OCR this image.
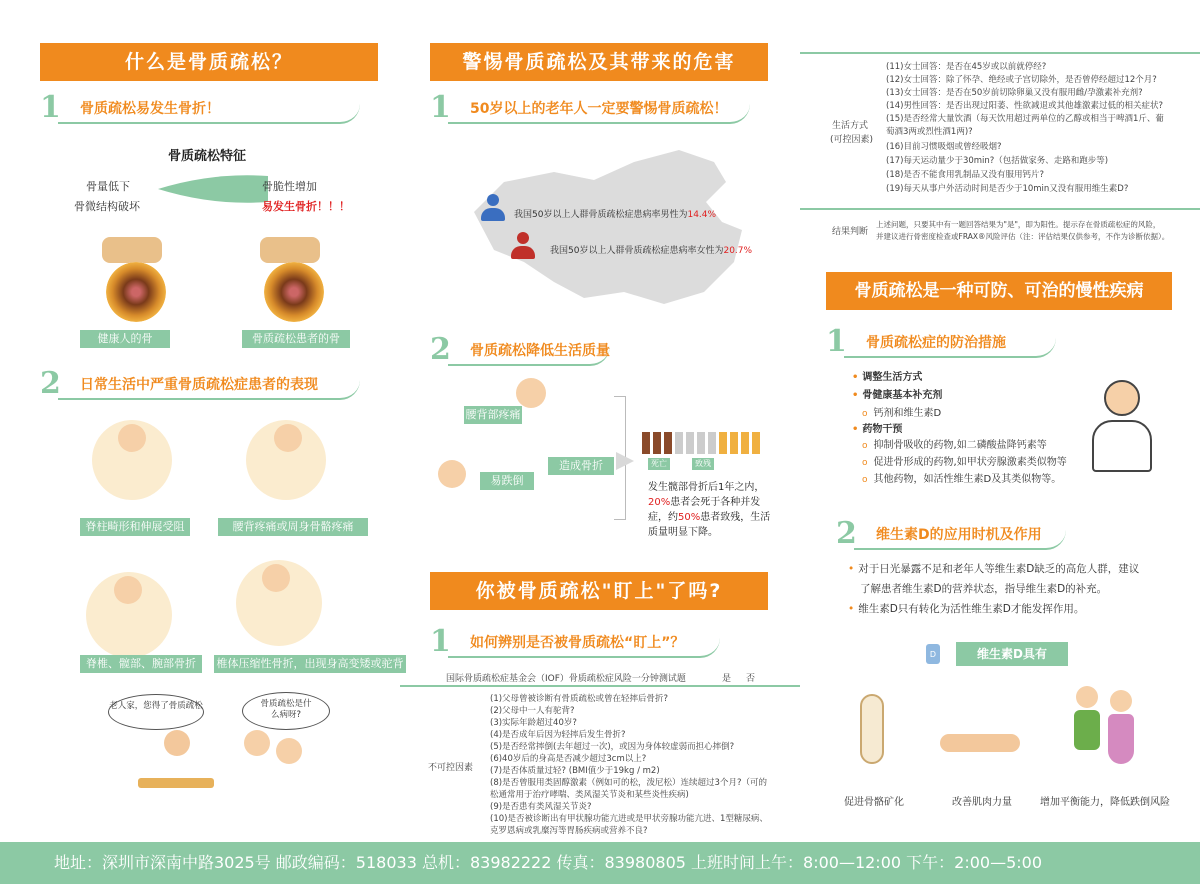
什么是骨质疏松？
1	骨质疏松易发生骨折！
骨质疏松特征
骨量低下
骨微结构破坏
骨脆性增加
易发生骨折！！！
健康人的骨	骨质疏松患者的骨
2	日常生活中严重骨质疏松症患者的表现
脊柱畸形和伸展受阻	腰背疼痛或周身骨骼疼痛
脊椎、髋部、腕部骨折	椎体压缩性骨折，出现身高变矮或驼背
老人家，您得了骨质疏松	骨质疏松是什么病呀?
警惕骨质疏松及其带来的危害
1	50岁以上的老年人一定要警惕骨质疏松！
我国50岁以上人群骨质疏松症患病率男性为14.4%
我国50岁以上人群骨质疏松症患病率女性为20.7%
2	骨质疏松降低生活质量
腰背部疼痛
易跌倒
造成骨折	死亡	致残
发生髋部骨折后1年之内，20%患者会死于各种并发症，约50%患者致残，生活质量明显下降。
你被骨质疏松"盯上"了吗?
1	如何辨别是否被骨质疏松“盯上”？
国际骨质疏松症基金会（IOF）骨质疏松症风险一分钟测试题	是 否
不可控因素
(1)父母曾被诊断有骨质疏松或曾在轻摔后骨折?
(2)父母中一人有驼背?
(3)实际年龄超过40岁?
(4)是否成年后因为轻摔后发生骨折?
(5)是否经常摔倒(去年超过一次)，或因为身体较虚弱而担心摔倒?
(6)40岁后的身高是否减少超过3cm以上?
(7)是否体质量过轻? (BMI值少于19kg / m2)
(8)是否曾服用类固醇激素（例如可的松，泼尼松）连续超过3个月?（可的
松通常用于治疗哮喘、类风湿关节炎和某些炎性疾病)
(9)是否患有类风湿关节炎?
(10)是否被诊断出有甲状腺功能亢进或是甲状旁腺功能亢进、1型糖尿病、
克罗恩病或乳糜泻等胃肠疾病或营养不良?
生活方式
(可控因素)
(11)女士回答：是否在45岁或以前就停经?
(12)女士回答：除了怀孕、绝经或子宫切除外，是否曾停经超过12个月?
(13)女士回答：是否在50岁前切除卵巢又没有服用雌/孕激素补充剂?
(14)男性回答：是否出现过阳萎、性欲减退或其他雄激素过低的相关症状?
(15)是否经常大量饮酒（每天饮用超过两单位的乙醇或相当于啤酒1斤、葡
萄酒3两或烈性酒1两)?
(16)目前习惯吸烟或曾经吸烟?
(17)每天运动量少于30min?（包括做家务、走路和跑步等)
(18)是否不能食用乳制品又没有服用钙片?
(19)每天从事户外活动时间是否少于10min又没有服用维生素D?
结果判断
上述问题，只要其中有一题回答结果为"是"，即为阳性。提示存在骨质疏松症的风险，
并建议进行骨密度检查或FRAX®风险评估（注：评估结果仅供参考，不作为诊断依据）。
骨质疏松是一种可防、可治的慢性疾病
1	骨质疏松症的防治措施
• 调整生活方式
• 骨健康基本补充剂
o 钙剂和维生素D
• 药物干预
o 抑制骨吸收的药物,如二磷酸盐降钙素等
o 促进骨形成的药物,如甲状旁腺激素类似物等
o 其他药物，如活性维生素D及其类似物等。
2	维生素D的应用时机及作用
• 对于日光暴露不足和老年人等维生素D缺乏的高危人群，建议
了解患者维生素D的营养状态，指导维生素D的补充。
• 维生素D只有转化为活性维生素D才能发挥作用。
D	维生素D具有
促进骨骼矿化	改善肌肉力量	增加平衡能力，降低跌倒风险
地址：深圳市深南中路3025号 邮政编码：518033 总机：83982222 传真：83980805 上班时间上午：8:00—12:00 下午：2:00—5:00
